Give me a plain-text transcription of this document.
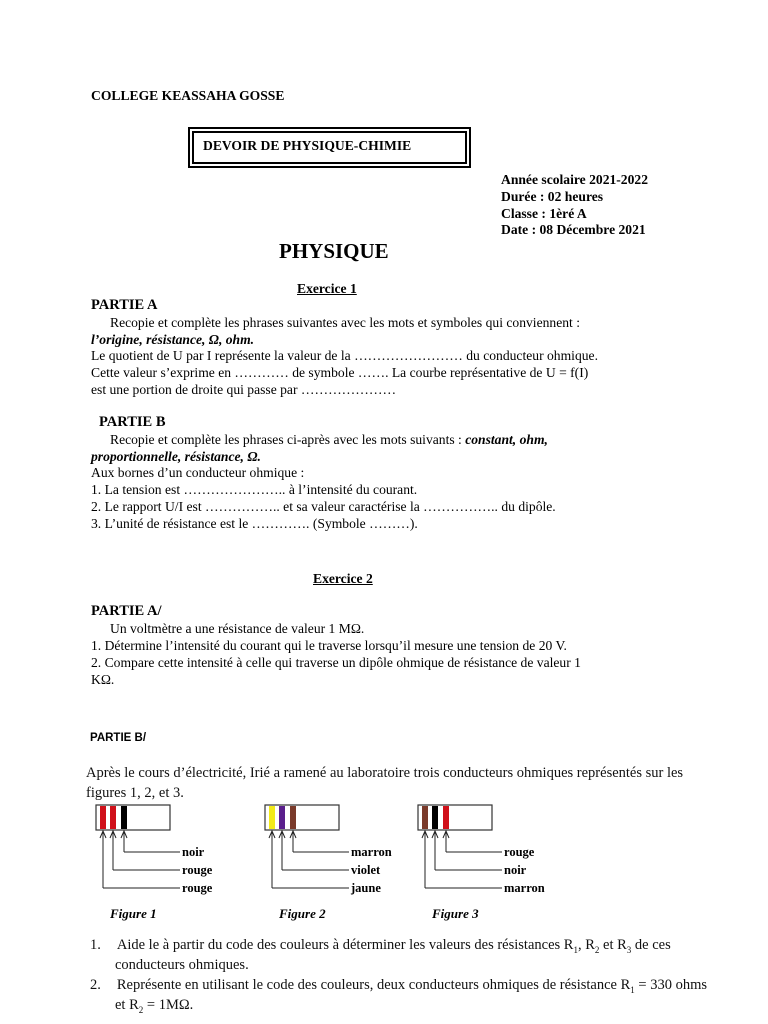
COLLEGE KEASSAHA GOSSE
DEVOIR DE PHYSIQUE-CHIMIE
Année scolaire 2021-2022
Durée : 02 heures
Classe : 1èré A
Date : 08 Décembre 2021
PHYSIQUE
Exercice 1
PARTIE A
Recopie et complète les phrases suivantes avec les mots et symboles qui conviennent :
l’origine, résistance, Ω, ohm.
Le quotient de U par I représente la valeur de la …………………… du conducteur ohmique.
Cette valeur s’exprime en ………… de symbole ……. La courbe représentative de U = f(I)
est une portion de droite qui passe par …………………
PARTIE B
Recopie et complète les phrases ci-après avec les mots suivants : constant, ohm,
proportionnelle, résistance, Ω.
Aux bornes d’un conducteur ohmique :
1. La tension est ………………….. à l’intensité du courant.
2. Le rapport U/I est …………….. et sa valeur caractérise la …………….. du dipôle.
3. L’unité de résistance est le …………. (Symbole ………).
Exercice 2
PARTIE A/
Un voltmètre a une résistance de valeur 1 MΩ.
1. Détermine l’intensité du courant qui le traverse lorsqu’il mesure une tension de 20 V.
2. Compare cette intensité à celle qui traverse un dipôle ohmique de résistance de valeur 1
KΩ.
PARTIE B/
Après le cours d’électricité, Irié a ramené au laboratoire trois conducteurs ohmiques représentés sur les
figures 1, 2, et 3.
noir
rouge
rouge
Figure 1
marron
violet
jaune
Figure 2
rouge
noir
marron
Figure 3
1. Aide le à partir du code des couleurs à déterminer les valeurs des résistances $R_1$, $R_2$ et $R_3$ de ces
conducteurs ohmiques.
2. Représente en utilisant le code des couleurs, deux conducteurs ohmiques de résistance $R_1 = 330$ ohms
et $R_2 = 1M\Omega$.
